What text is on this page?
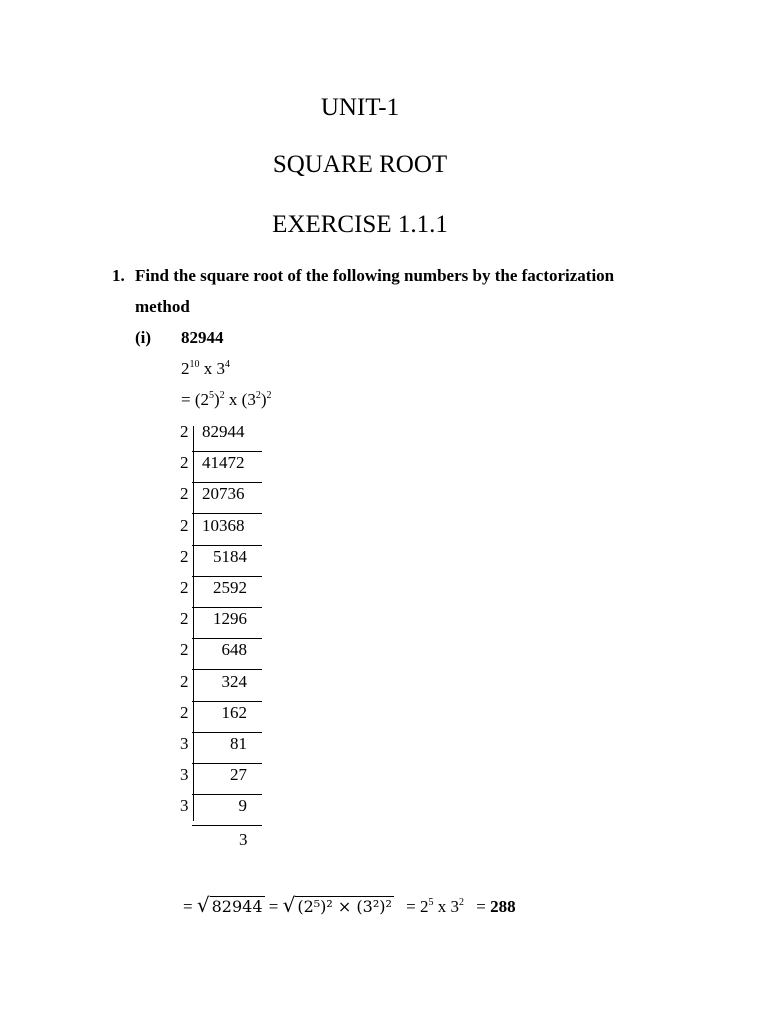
UNIT-1
SQUARE ROOT
EXERCISE 1.1.1
1. Find the square root of the following numbers by the factorization
method
(i) 82944
$2^{10}$ x $3^4$
= $(2^5)^2$ x $(3^2)^2$
2 82944
2 41472
2 20736
2 10368
2	5184
2	2592
2	1296
2	648
2	324
2	162
3	81
3	27
3	9
3
= √ 82944 = √ $(2^5)^2 \times (3^2)^2 = 2^5$ x $3^2 = 288$
